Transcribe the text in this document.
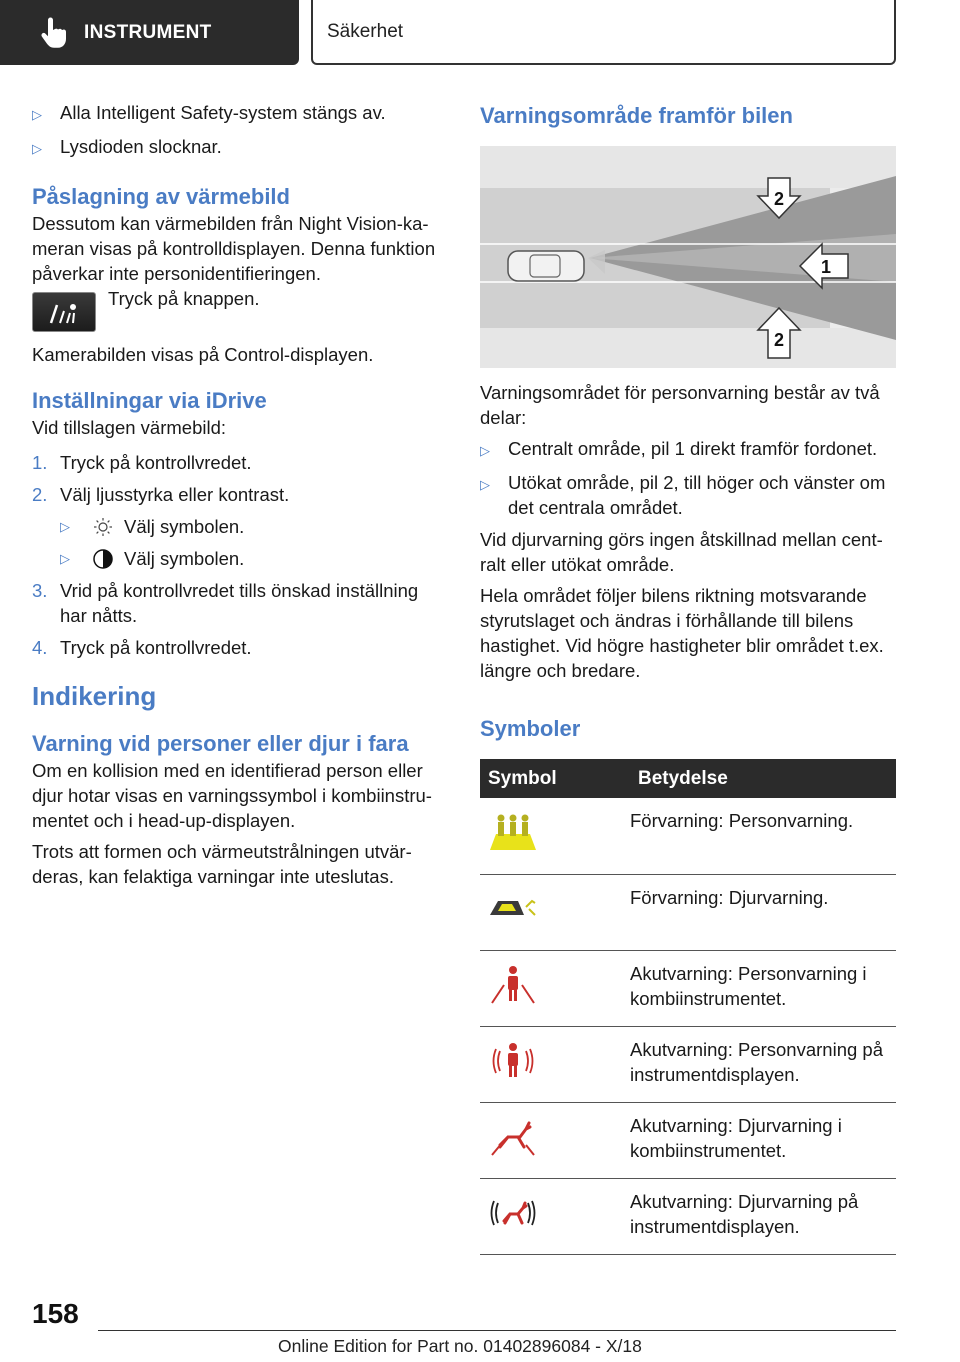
INSTRUMENT	Säkerhet
▷ Alla Intelligent Safety-system stängs av.
▷ Lysdioden slocknar.
Påslagning av värmebild

Dessutom kan värmebilden från Night Vision-ka-meran visas på kontrolldisplayen. Denna funktion påverkar inte personidentifieringen.

Tryck på knappen.

Kamerabilden visas på Control-displayen.

Inställningar via iDrive

Vid tillslagen värmebild:

1. Tryck på kontrollvredet.
2. Välj ljusstyrka eller kontrast.
▷	Välj symbolen.
▷	Välj symbolen.
3. Vrid på kontrollvredet tills önskad inställning har nåtts.
4. Tryck på kontrollvredet.
Indikering
Varning vid personer eller djur i fara

Om en kollision med en identifierad person eller djur hotar visas en varningssymbol i kombiinstru-mentet och i head-up-displayen.

Trots att formen och värmeutstrålningen utvär-deras, kan felaktiga varningar inte uteslutas.

Varningsområde framför bilen
2
1
2

Varningsområdet för personvarning består av två delar:

▷ Centralt område, pil 1 direkt framför fordonet.
▷ Utökat område, pil 2, till höger och vänster om det centrala området.

Vid djurvarning görs ingen åtskillnad mellan cent-ralt eller utökat område.

Hela området följer bilens riktning motsvarande styrutslaget och ändras i förhållande till bilens hastighet. Vid högre hastigheter blir området t.ex. längre och bredare.

Symboler
Symbol	Betydelse
	Förvarning: Personvarning.
	Förvarning: Djurvarning.
	Akutvarning: Personvarning i kombiinstrumentet.
	Akutvarning: Personvarning på instrumentdisplayen.
	Akutvarning: Djurvarning i kombiinstrumentet.
	Akutvarning: Djurvarning på instrumentdisplayen.
158
Online Edition for Part no. 01402896084 - X/18
